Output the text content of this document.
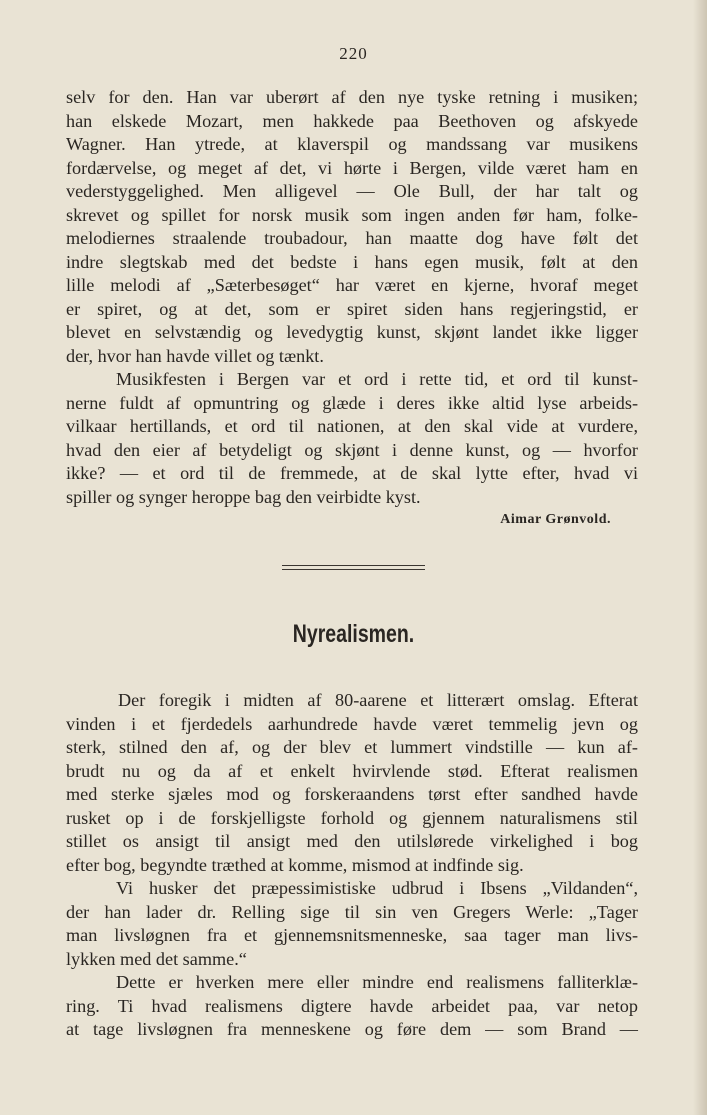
220
selv for den. Han var uberørt af den nye tyske retning i musiken;
han elskede Mozart, men hakkede paa Beethoven og afskyede
Wagner. Han ytrede, at klaverspil og mandssang var musikens
fordærvelse, og meget af det, vi hørte i Bergen, vilde været ham en
vederstyggelighed. Men alligevel — Ole Bull, der har talt og
skrevet og spillet for norsk musik som ingen anden før ham, folke-
melodiernes straalende troubadour, han maatte dog have følt det
indre slegtskab med det bedste i hans egen musik, følt at den
lille melodi af „Sæterbesøget“ har været en kjerne, hvoraf meget
er spiret, og at det, som er spiret siden hans regjeringstid, er
blevet en selvstændig og levedygtig kunst, skjønt landet ikke ligger
der, hvor han havde villet og tænkt.
Musikfesten i Bergen var et ord i rette tid, et ord til kunst-
nerne fuldt af opmuntring og glæde i deres ikke altid lyse arbeids-
vilkaar hertillands, et ord til nationen, at den skal vide at vurdere,
hvad den eier af betydeligt og skjønt i denne kunst, og — hvorfor
ikke? — et ord til de fremmede, at de skal lytte efter, hvad vi
spiller og synger heroppe bag den veirbidte kyst.
Aimar Grønvold.
Nyrealismen.
Der foregik i midten af 80-aarene et litterært omslag. Efterat
vinden i et fjerdedels aarhundrede havde været temmelig jevn og
sterk, stilned den af, og der blev et lummert vindstille — kun af-
brudt nu og da af et enkelt hvirvlende stød. Efterat realismen
med sterke sjæles mod og forskeraandens tørst efter sandhed havde
rusket op i de forskjelligste forhold og gjennem naturalismens stil
stillet os ansigt til ansigt med den utilslørede virkelighed i bog
efter bog, begyndte træthed at komme, mismod at indfinde sig.
Vi husker det præpessimistiske udbrud i Ibsens „Vildanden“,
der han lader dr. Relling sige til sin ven Gregers Werle: „Tager
man livsløgnen fra et gjennemsnitsmenneske, saa tager man livs-
lykken med det samme.“
Dette er hverken mere eller mindre end realismens falliterklæ-
ring. Ti hvad realismens digtere havde arbeidet paa, var netop
at tage livsløgnen fra menneskene og føre dem — som Brand —
